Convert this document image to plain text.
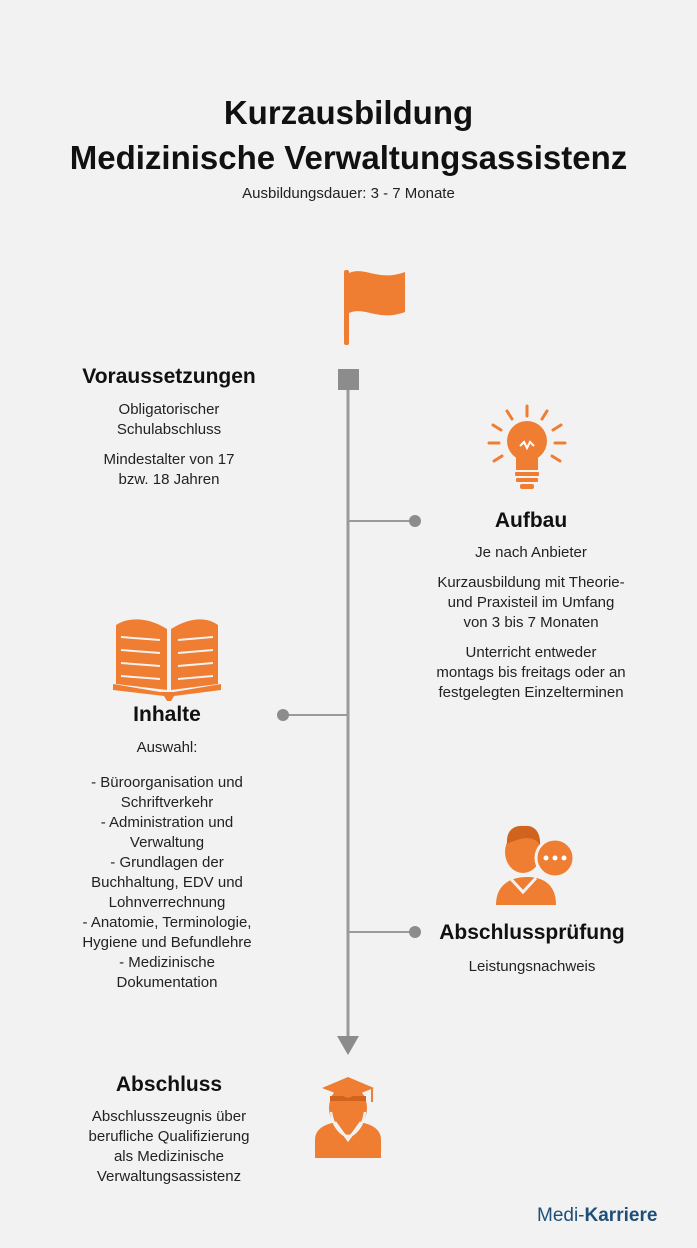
Kurzausbildung
Medizinische Verwaltungsassistenz
Ausbildungsdauer: 3 - 7 Monate
Voraussetzungen
Obligatorischer
Schulabschluss
Mindestalter von 17
bzw. 18 Jahren
Aufbau
Je nach Anbieter
Kurzausbildung mit Theorie-
und Praxisteil im Umfang
von 3 bis 7 Monaten
Unterricht entweder
montags bis freitags oder an
festgelegten Einzelterminen
Inhalte
Auswahl:
- Büroorganisation und
Schriftverkehr
- Administration und
Verwaltung
- Grundlagen der
Buchhaltung, EDV und
Lohnverrechnung
- Anatomie, Terminologie,
Hygiene und Befundlehre
- Medizinische
Dokumentation
Abschlussprüfung
Leistungsnachweis
Abschluss
Abschlusszeugnis über
berufliche Qualifizierung
als Medizinische
Verwaltungsassistenz
Medi-Karriere
